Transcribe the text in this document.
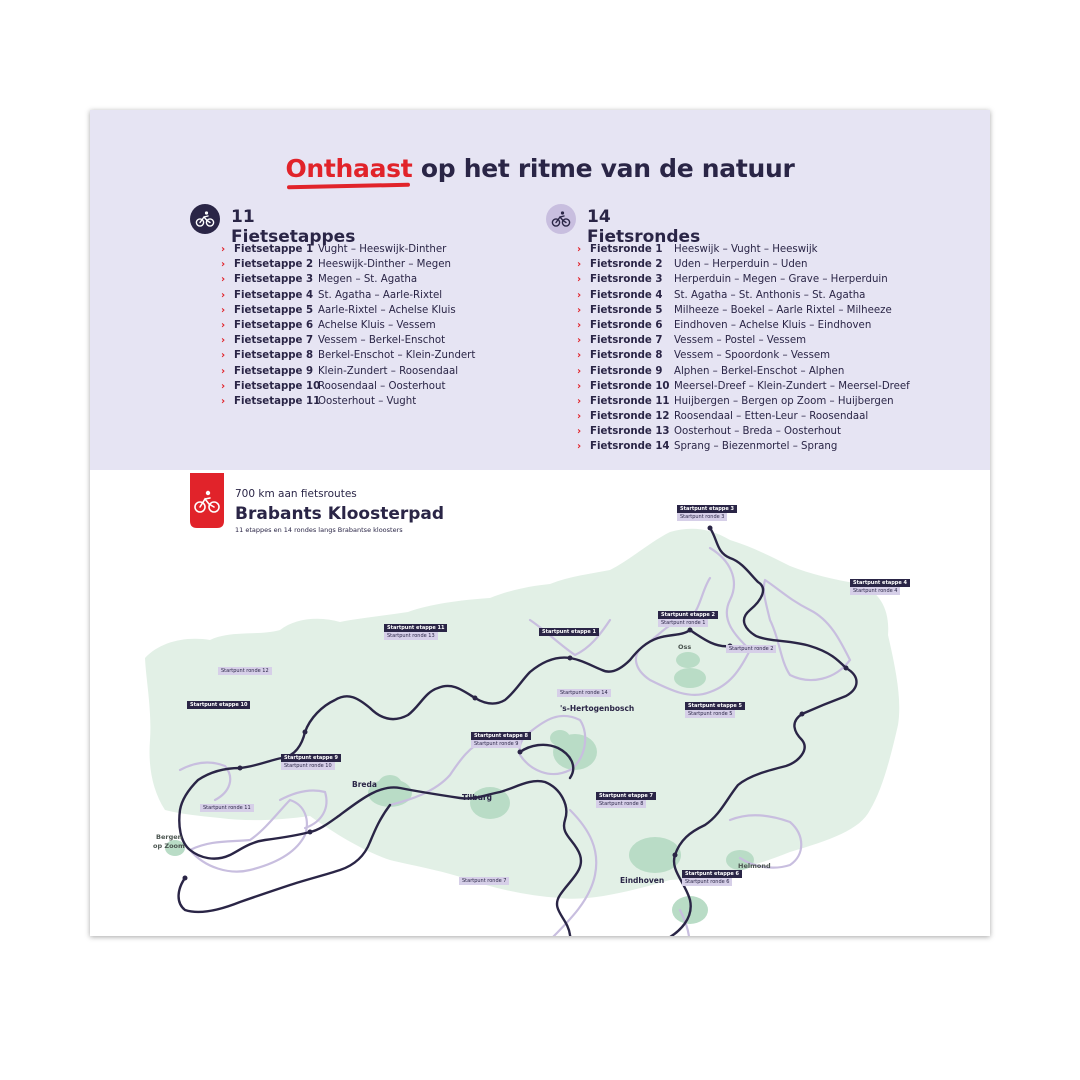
Onthaast op het ritme van de natuur
11 Fietsetappes
› Fietsetappe 1 Vught – Heeswijk-Dinther
› Fietsetappe 2 Heeswijk-Dinther – Megen
› Fietsetappe 3 Megen – St. Agatha
› Fietsetappe 4 St. Agatha – Aarle-Rixtel
› Fietsetappe 5 Aarle-Rixtel – Achelse Kluis
› Fietsetappe 6 Achelse Kluis – Vessem
› Fietsetappe 7 Vessem – Berkel-Enschot
› Fietsetappe 8 Berkel-Enschot – Klein-Zundert
› Fietsetappe 9 Klein-Zundert – Roosendaal
› Fietsetappe 10
Roosendaal – Oosterhout
› Fietsetappe 11
Oosterhout – Vught
14 Fietsrondes
› Fietsronde 1 Heeswijk – Vught – Heeswijk
› Fietsronde 2 Uden – Herperduin – Uden
› Fietsronde 3 Herperduin – Megen – Grave – Herperduin
› Fietsronde 4 St. Agatha – St. Anthonis – St. Agatha
› Fietsronde 5 Milheeze – Boekel – Aarle Rixtel – Milheeze
› Fietsronde 6 Eindhoven – Achelse Kluis – Eindhoven
› Fietsronde 7 Vessem – Postel – Vessem
› Fietsronde 8 Vessem – Spoordonk – Vessem
› Fietsronde 9 Alphen – Berkel-Enschot – Alphen
› Fietsronde 10 Meersel-Dreef – Klein-Zundert – Meersel-Dreef
› Fietsronde 11 Huijbergen – Bergen op Zoom – Huijbergen
› Fietsronde 12 Roosendaal – Etten-Leur – Roosendaal
› Fietsronde 13 Oosterhout – Breda – Oosterhout
› Fietsronde 14 Sprang – Biezenmortel – Sprang
Oss
's-Hertogenbosch
Breda
Tilburg
Bergen
op Zoom
Helmond
Eindhoven
Startpunt etappe 3
Startpunt ronde 3
Startpunt etappe 4
Startpunt ronde 4
Startpunt etappe 2
Startpunt ronde 1
Startpunt etappe 1
Startpunt ronde 2
Startpunt etappe 11
Startpunt ronde 13
Startpunt ronde 12
Startpunt ronde 14
Startpunt etappe 10	Startpunt etappe 5
Startpunt ronde 5
Startpunt etappe 8
Startpunt ronde 9
Startpunt etappe 9
Startpunt ronde 10
Startpunt etappe 7
Startpunt ronde 8
Startpunt ronde 11
Startpunt etappe 6
Startpunt ronde 6
Startpunt ronde 7
700 km aan fietsroutes
Brabants Kloosterpad
11 etappes en 14 rondes langs Brabantse kloosters
